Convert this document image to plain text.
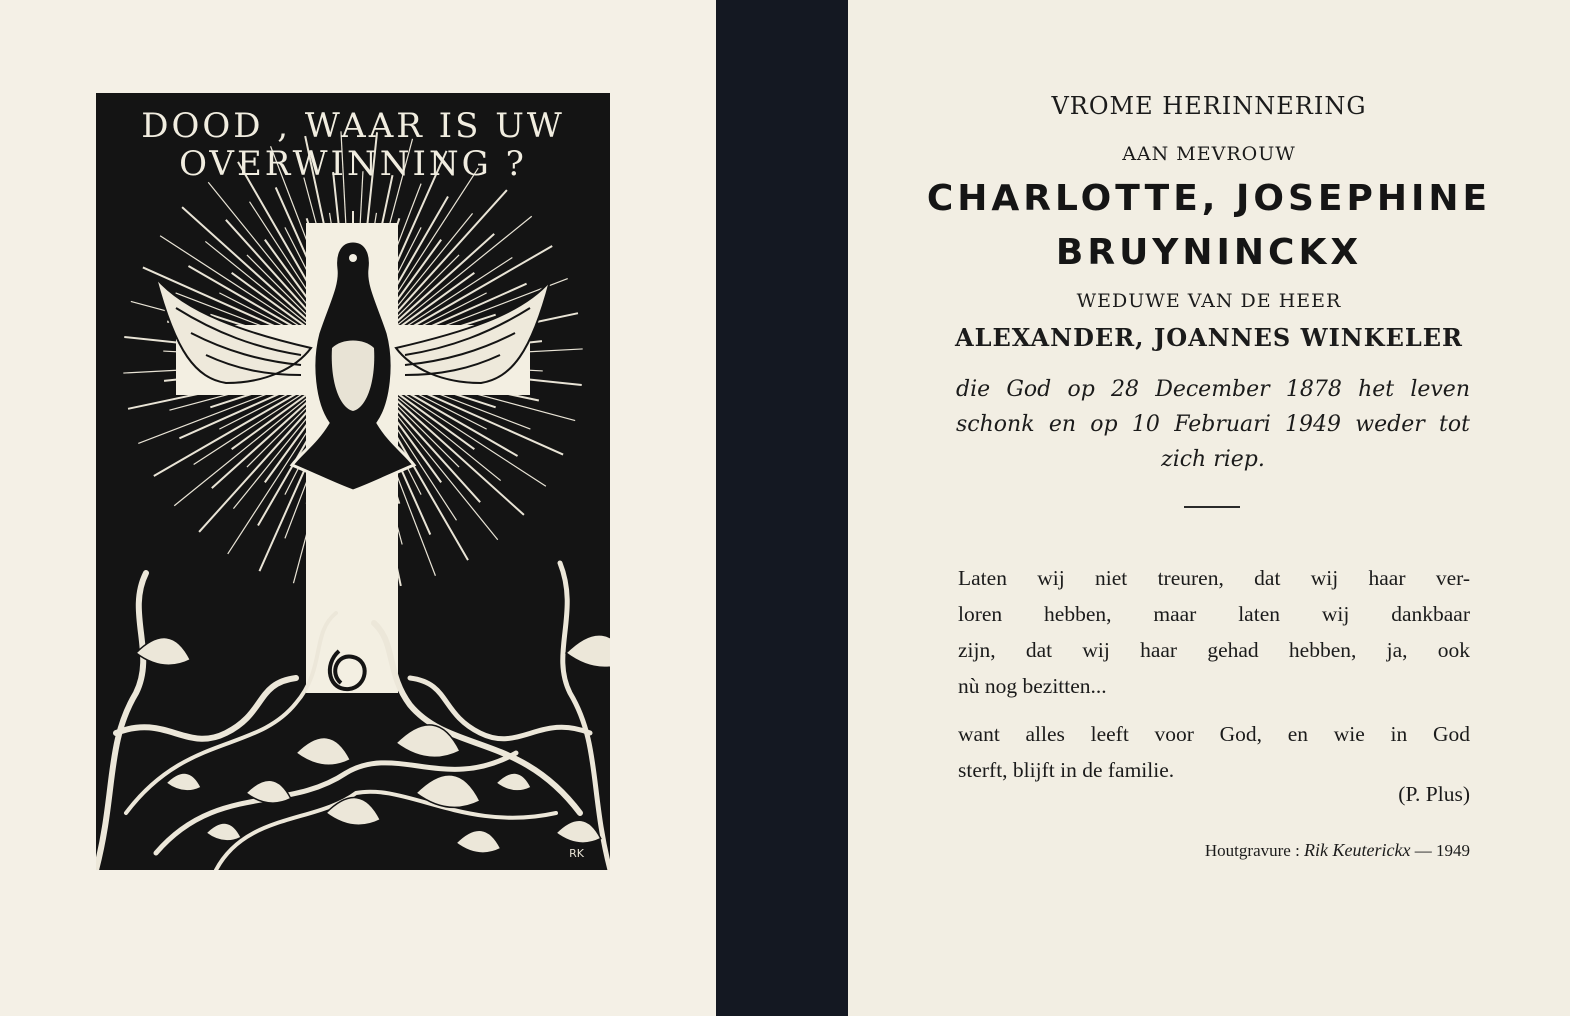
DOOD , WAAR IS UW
OVERWINNING ?
RK
VROME HERINNERING
AAN MEVROUW
CHARLOTTE, JOSEPHINE
BRUYNINCKX
WEDUWE VAN DE HEER
ALEXANDER, JOANNES WINKELER
die God op 28 December 1878 het leven
schonk en op 10 Februari 1949 weder tot
zich riep.
Laten wij niet treuren, dat wij haar ver-
loren hebben, maar laten wij dankbaar
zijn, dat wij haar gehad hebben, ja, ook
nù nog bezitten...
want alles leeft voor God, en wie in God
sterft, blijft in de familie.
(P. Plus)
Houtgravure : Rik Keuterickx — 1949
